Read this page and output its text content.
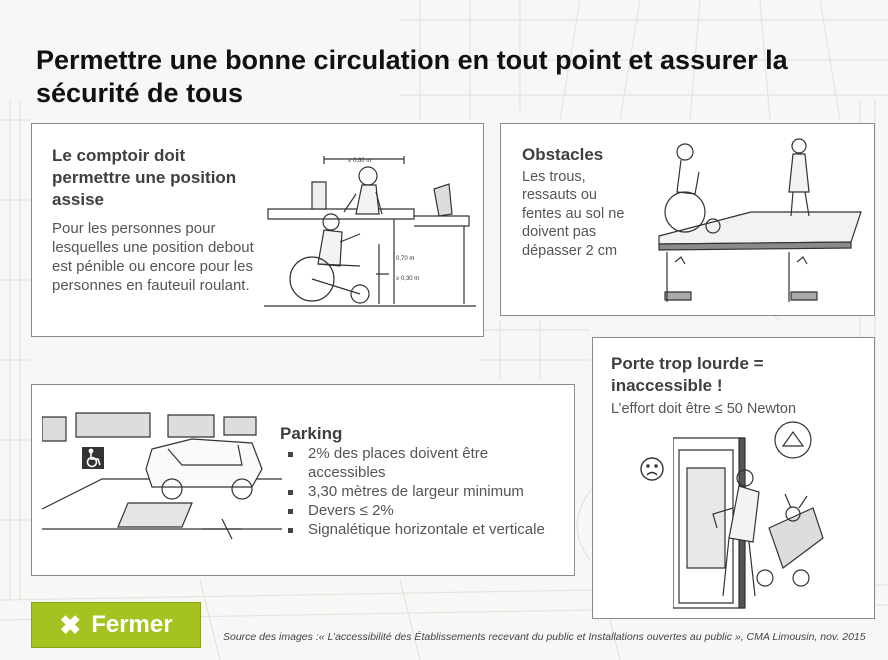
Permettre une bonne circulation en tout point et assurer la sécurité de tous

Le comptoir doit permettre une position assise

Pour les personnes pour lesquelles une position debout est pénible ou encore pour les personnes en fauteuil roulant.

≥ 0,60 m
0,70 m
≥ 0,30 m

Obstacles

Les trous, ressauts ou fentes au sol ne doivent pas dépasser 2 cm

Porte trop lourde = inaccessible !

L’effort doit être ≤ 50 Newton

Parking

2% des places doivent être accessibles
3,30 mètres de largeur minimum
Devers ≤ 2%
Signalétique horizontale et verticale
✖ Fermer	Source des images :« L’accessibilité des Établissements recevant du public et Installations ouvertes au public », CMA Limousin, nov. 2015
